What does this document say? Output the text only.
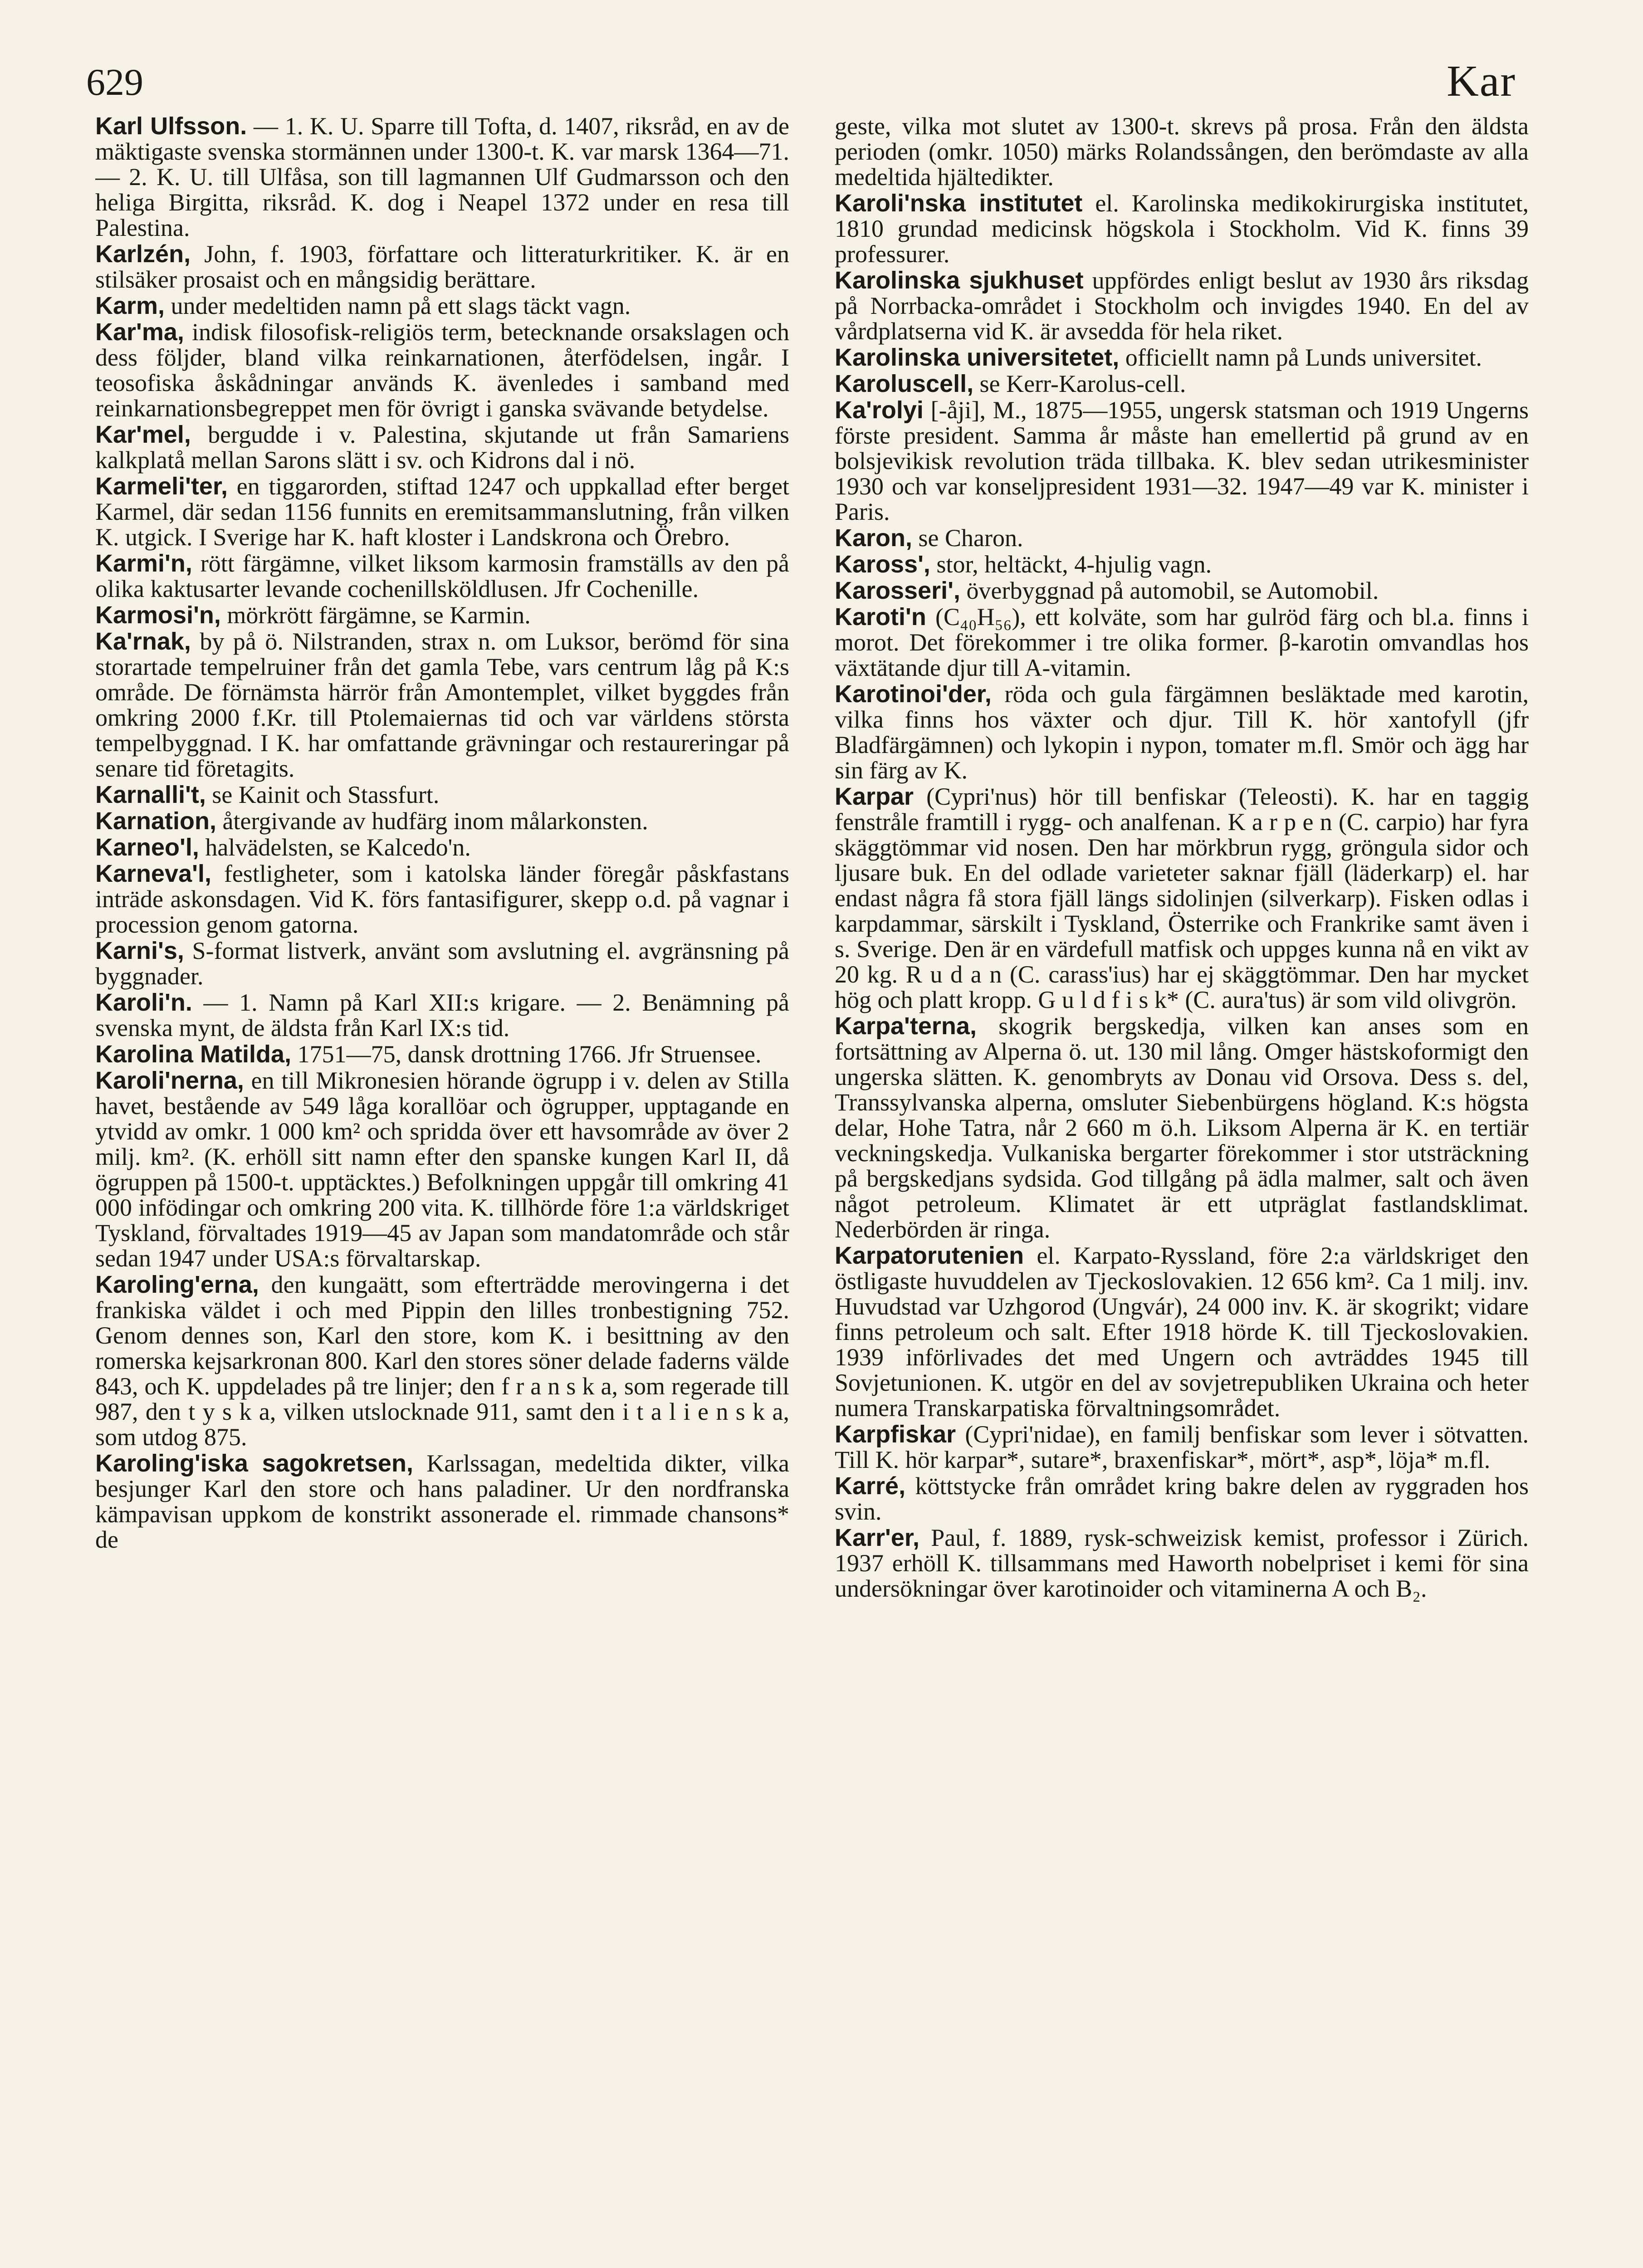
629	Kar

Karl Ulfsson. — 1. K. U. Sparre till Tofta, d. 1407, riksråd, en av de mäktigaste svenska stormännen under 1300-t. K. var marsk 1364—71. — 2. K. U. till Ulfåsa, son till lagmannen Ulf Gudmarsson och den heliga Birgitta, riksråd. K. dog i Neapel 1372 under en resa till Palestina.

Karlzén, John, f. 1903, författare och litteraturkritiker. K. är en stilsäker prosaist och en mångsidig berättare.

Karm, under medeltiden namn på ett slags täckt vagn.

Kar'ma, indisk filosofisk-religiös term, betecknande orsakslagen och dess följder, bland vilka reinkarnationen, återfödelsen, ingår. I teosofiska åskådningar används K. ävenledes i samband med reinkarnationsbegreppet men för övrigt i ganska svävande betydelse.

Kar'mel, bergudde i v. Palestina, skjutande ut från Samariens kalkplatå mellan Sarons slätt i sv. och Kidrons dal i nö.

Karmeli'ter, en tiggarorden, stiftad 1247 och uppkallad efter berget Karmel, där sedan 1156 funnits en eremitsammanslutning, från vilken K. utgick. I Sverige har K. haft kloster i Landskrona och Örebro.

Karmi'n, rött färgämne, vilket liksom karmosin framställs av den på olika kaktusarter levande cochenillsköldlusen. Jfr Cochenille.

Karmosi'n, mörkrött färgämne, se Karmin.

Ka'rnak, by på ö. Nilstranden, strax n. om Luksor, berömd för sina storartade tempelruiner från det gamla Tebe, vars centrum låg på K:s område. De förnämsta härrör från Amontemplet, vilket byggdes från omkring 2000 f.Kr. till Ptolemaiernas tid och var världens största tempelbyggnad. I K. har omfattande grävningar och restaureringar på senare tid företagits.

Karnalli't, se Kainit och Stassfurt.

Karnation, återgivande av hudfärg inom målarkonsten.

Karneo'l, halvädelsten, se Kalcedo'n.

Karneva'l, festligheter, som i katolska länder föregår påskfastans inträde askonsdagen. Vid K. förs fantasifigurer, skepp o.d. på vagnar i procession genom gatorna.

Karni's, S-format listverk, använt som avslutning el. avgränsning på byggnader.

Karoli'n. — 1. Namn på Karl XII:s krigare. — 2. Benämning på svenska mynt, de äldsta från Karl IX:s tid.

Karolina Matilda, 1751—75, dansk drottning 1766. Jfr Struensee.

Karoli'nerna, en till Mikronesien hörande ögrupp i v. delen av Stilla havet, bestående av 549 låga korallöar och ögrupper, upptagande en ytvidd av omkr. 1 000 km² och spridda över ett havsområde av över 2 milj. km². (K. erhöll sitt namn efter den spanske kungen Karl II, då ögruppen på 1500-t. upptäcktes.) Befolkningen uppgår till omkring 41 000 infödingar och omkring 200 vita. K. tillhörde före 1:a världskriget Tyskland, förvaltades 1919—45 av Japan som mandatområde och står sedan 1947 under USA:s förvaltarskap.

Karoling'erna, den kungaätt, som efterträdde merovingerna i det frankiska väldet i och med Pippin den lilles tronbestigning 752. Genom dennes son, Karl den store, kom K. i besittning av den romerska kejsarkronan 800. Karl den stores söner delade faderns välde 843, och K. uppdelades på tre linjer; den f r a n s k a, som regerade till 987, den t y s k a, vilken utslocknade 911, samt den i t a l i e n s k a, som utdog 875.

Karoling'iska sagokretsen, Karlssagan, medeltida dikter, vilka besjunger Karl den store och hans paladiner. Ur den nordfranska kämpavisan uppkom de konstrikt assonerade el. rimmade chansons* de

geste, vilka mot slutet av 1300-t. skrevs på prosa. Från den äldsta perioden (omkr. 1050) märks Rolandssången, den berömdaste av alla medeltida hjältedikter.

Karoli'nska institutet el. Karolinska medikokirurgiska institutet, 1810 grundad medicinsk högskola i Stockholm. Vid K. finns 39 professurer.

Karolinska sjukhuset uppfördes enligt beslut av 1930 års riksdag på Norrbacka-området i Stockholm och invigdes 1940. En del av vårdplatserna vid K. är avsedda för hela riket.

Karolinska universitetet, officiellt namn på Lunds universitet.

Karoluscell, se Kerr-Karolus-cell.

Ka'rolyi [-åji], M., 1875—1955, ungersk statsman och 1919 Ungerns förste president. Samma år måste han emellertid på grund av en bolsjevikisk revolution träda tillbaka. K. blev sedan utrikesminister 1930 och var konseljpresident 1931—32. 1947—49 var K. minister i Paris.

Karon, se Charon.

Kaross', stor, heltäckt, 4-hjulig vagn.

Karosseri', överbyggnad på automobil, se Automobil.

Karoti'n (C₄₀H₅₆), ett kolväte, som har gulröd färg och bl.a. finns i morot. Det förekommer i tre olika former. β-karotin omvandlas hos växtätande djur till A-vitamin.

Karotinoi'der, röda och gula färgämnen besläktade med karotin, vilka finns hos växter och djur. Till K. hör xantofyll (jfr Bladfärgämnen) och lykopin i nypon, tomater m.fl. Smör och ägg har sin färg av K.

Karpar (Cypri'nus) hör till benfiskar (Teleosti). K. har en taggig fenstråle framtill i rygg- och analfenan. K a r p e n (C. carpio) har fyra skäggtömmar vid nosen. Den har mörkbrun rygg, gröngula sidor och ljusare buk. En del odlade varieteter saknar fjäll (läderkarp) el. har endast några få stora fjäll längs sidolinjen (silverkarp). Fisken odlas i karpdammar, särskilt i Tyskland, Österrike och Frankrike samt även i s. Sverige. Den är en värdefull matfisk och uppges kunna nå en vikt av 20 kg. R u d a n (C. carass'ius) har ej skäggtömmar. Den har mycket hög och platt kropp. G u l d f i s k* (C. aura'tus) är som vild olivgrön.

Karpa'terna, skogrik bergskedja, vilken kan anses som en fortsättning av Alperna ö. ut. 130 mil lång. Omger hästskoformigt den ungerska slätten. K. genombryts av Donau vid Orsova. Dess s. del, Transsylvanska alperna, omsluter Siebenbürgens högland. K:s högsta delar, Hohe Tatra, når 2 660 m ö.h. Liksom Alperna är K. en tertiär veckningskedja. Vulkaniska bergarter förekommer i stor utsträckning på bergskedjans sydsida. God tillgång på ädla malmer, salt och även något petroleum. Klimatet är ett utpräglat fastlandsklimat. Nederbörden är ringa.

Karpatorutenien el. Karpato-Ryssland, före 2:a världskriget den östligaste huvuddelen av Tjeckoslovakien. 12 656 km². Ca 1 milj. inv. Huvudstad var Uzhgorod (Ungvár), 24 000 inv. K. är skogrikt; vidare finns petroleum och salt. Efter 1918 hörde K. till Tjeckoslovakien. 1939 införlivades det med Ungern och avträddes 1945 till Sovjetunionen. K. utgör en del av sovjetrepubliken Ukraina och heter numera Transkarpatiska förvaltningsområdet.

Karpfiskar (Cypri'nidae), en familj benfiskar som lever i sötvatten. Till K. hör karpar*, sutare*, braxenfiskar*, mört*, asp*, löja* m.fl.

Karré, köttstycke från området kring bakre delen av ryggraden hos svin.

Karr'er, Paul, f. 1889, rysk-schweizisk kemist, professor i Zürich. 1937 erhöll K. tillsammans med Haworth nobelpriset i kemi för sina undersökningar över karotinoider och vitaminerna A och B₂.
